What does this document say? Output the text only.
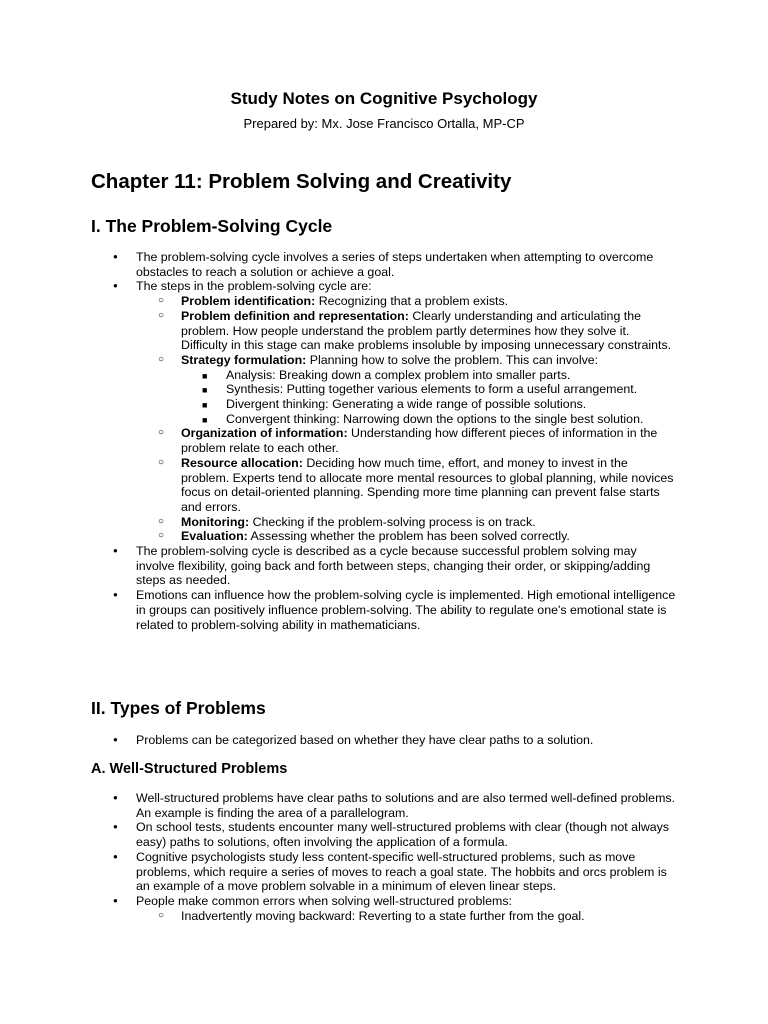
Study Notes on Cognitive Psychology
Prepared by: Mx. Jose Francisco Ortalla, MP-CP
Chapter 11: Problem Solving and Creativity
I. The Problem-Solving Cycle
● The problem-solving cycle involves a series of steps undertaken when attempting to overcome obstacles to reach a solution or achieve a goal.
● The steps in the problem-solving cycle are:
○ Problem identification: Recognizing that a problem exists.
○ Problem definition and representation: Clearly understanding and articulating the problem. How people understand the problem partly determines how they solve it. Difficulty in this stage can make problems insoluble by imposing unnecessary constraints.
○ Strategy formulation: Planning how to solve the problem. This can involve:
■ Analysis: Breaking down a complex problem into smaller parts.
■ Synthesis: Putting together various elements to form a useful arrangement.
■ Divergent thinking: Generating a wide range of possible solutions.
■ Convergent thinking: Narrowing down the options to the single best solution.
○ Organization of information: Understanding how different pieces of information in the problem relate to each other.
○ Resource allocation: Deciding how much time, effort, and money to invest in the problem. Experts tend to allocate more mental resources to global planning, while novices focus on detail-oriented planning. Spending more time planning can prevent false starts and errors.
○ Monitoring: Checking if the problem-solving process is on track.
○ Evaluation: Assessing whether the problem has been solved correctly.
● The problem-solving cycle is described as a cycle because successful problem solving may involve flexibility, going back and forth between steps, changing their order, or skipping/adding steps as needed.
● Emotions can influence how the problem-solving cycle is implemented. High emotional intelligence in groups can positively influence problem-solving. The ability to regulate one's emotional state is related to problem-solving ability in mathematicians.
II. Types of Problems
● Problems can be categorized based on whether they have clear paths to a solution.
A. Well-Structured Problems
● Well-structured problems have clear paths to solutions and are also termed well-defined problems. An example is finding the area of a parallelogram.
● On school tests, students encounter many well-structured problems with clear (though not always easy) paths to solutions, often involving the application of a formula.
● Cognitive psychologists study less content-specific well-structured problems, such as move problems, which require a series of moves to reach a goal state. The hobbits and orcs problem is an example of a move problem solvable in a minimum of eleven linear steps.
● People make common errors when solving well-structured problems:
○ Inadvertently moving backward: Reverting to a state further from the goal.
